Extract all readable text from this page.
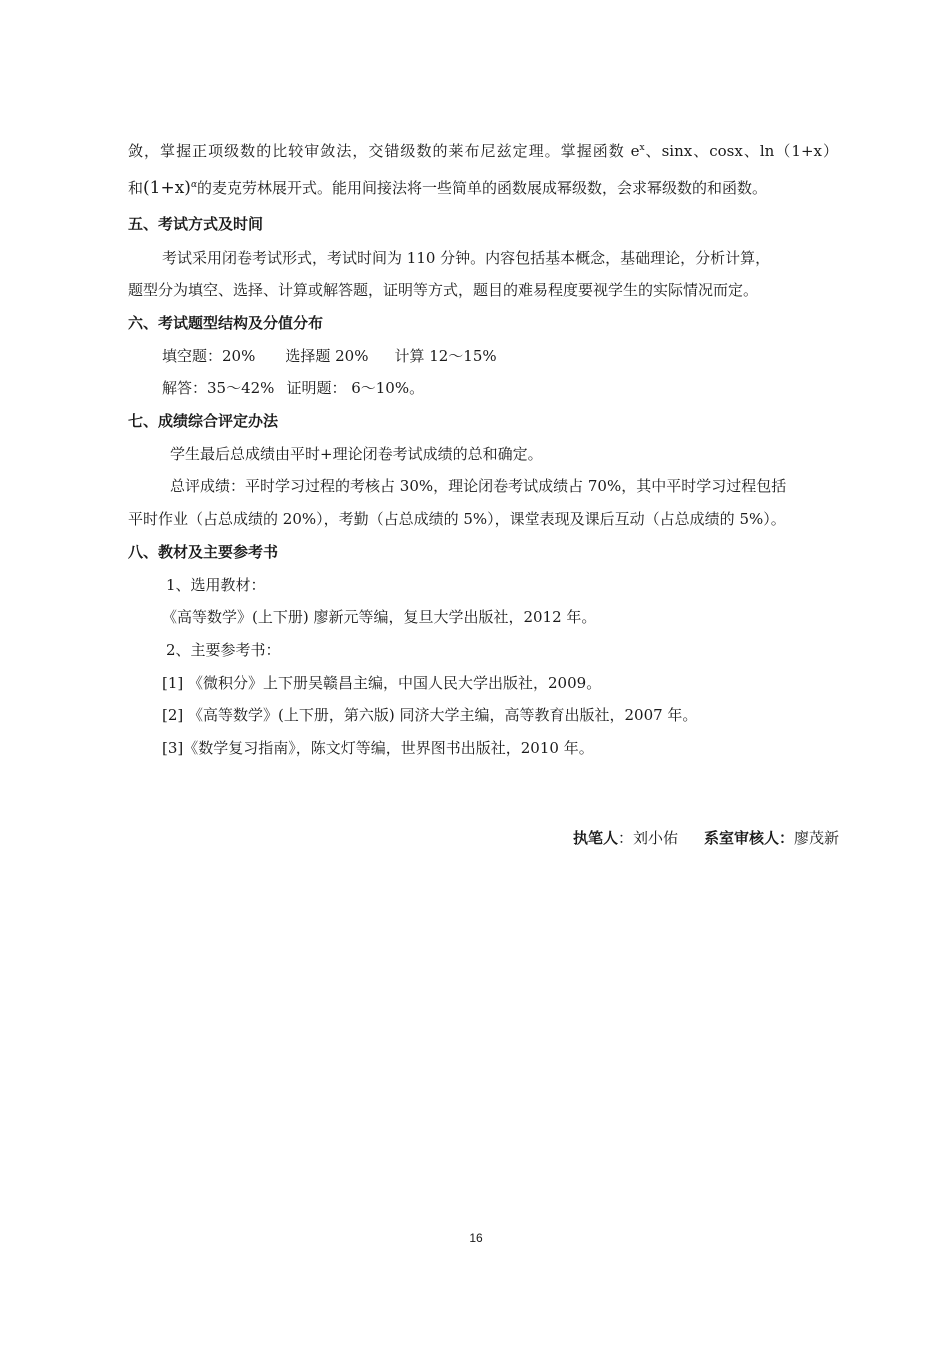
敛，掌握正项级数的比较审敛法，交错级数的莱布尼兹定理。掌握函数 $e^x$、sinx、cosx、ln（1+x）
和$(1+x)^\alpha$的麦克劳林展开式。能用间接法将一些简单的函数展成幂级数，会求幂级数的和函数。
五、考试方式及时间
考试采用闭卷考试形式，考试时间为 110 分钟。内容包括基本概念，基础理论，分析计算，
题型分为填空、选择、计算或解答题，证明等方式，题目的难易程度要视学生的实际情况而定。
六、考试题型结构及分值分布
填空题：20% 选择题 20% 计算 12～15%
解答：35～42% 证明题： 6～10%。
七、成绩综合评定办法
学生最后总成绩由平时+理论闭卷考试成绩的总和确定。
总评成绩：平时学习过程的考核占 30%，理论闭卷考试成绩占 70%，其中平时学习过程包括
平时作业（占总成绩的 20%），考勤（占总成绩的 5%），课堂表现及课后互动（占总成绩的 5%）。
八、教材及主要参考书
1、选用教材：
《高等数学》(上下册) 廖新元等编，复旦大学出版社，2012 年。
2、主要参考书：
[1] 《微积分》上下册吴赣昌主编，中国人民大学出版社，2009。
[2] 《高等数学》(上下册，第六版) 同济大学主编，高等教育出版社，2007 年。
[3]《数学复习指南》，陈文灯等编，世界图书出版社，2010 年。
执笔人：刘小佑 系室审核人：廖茂新
16
